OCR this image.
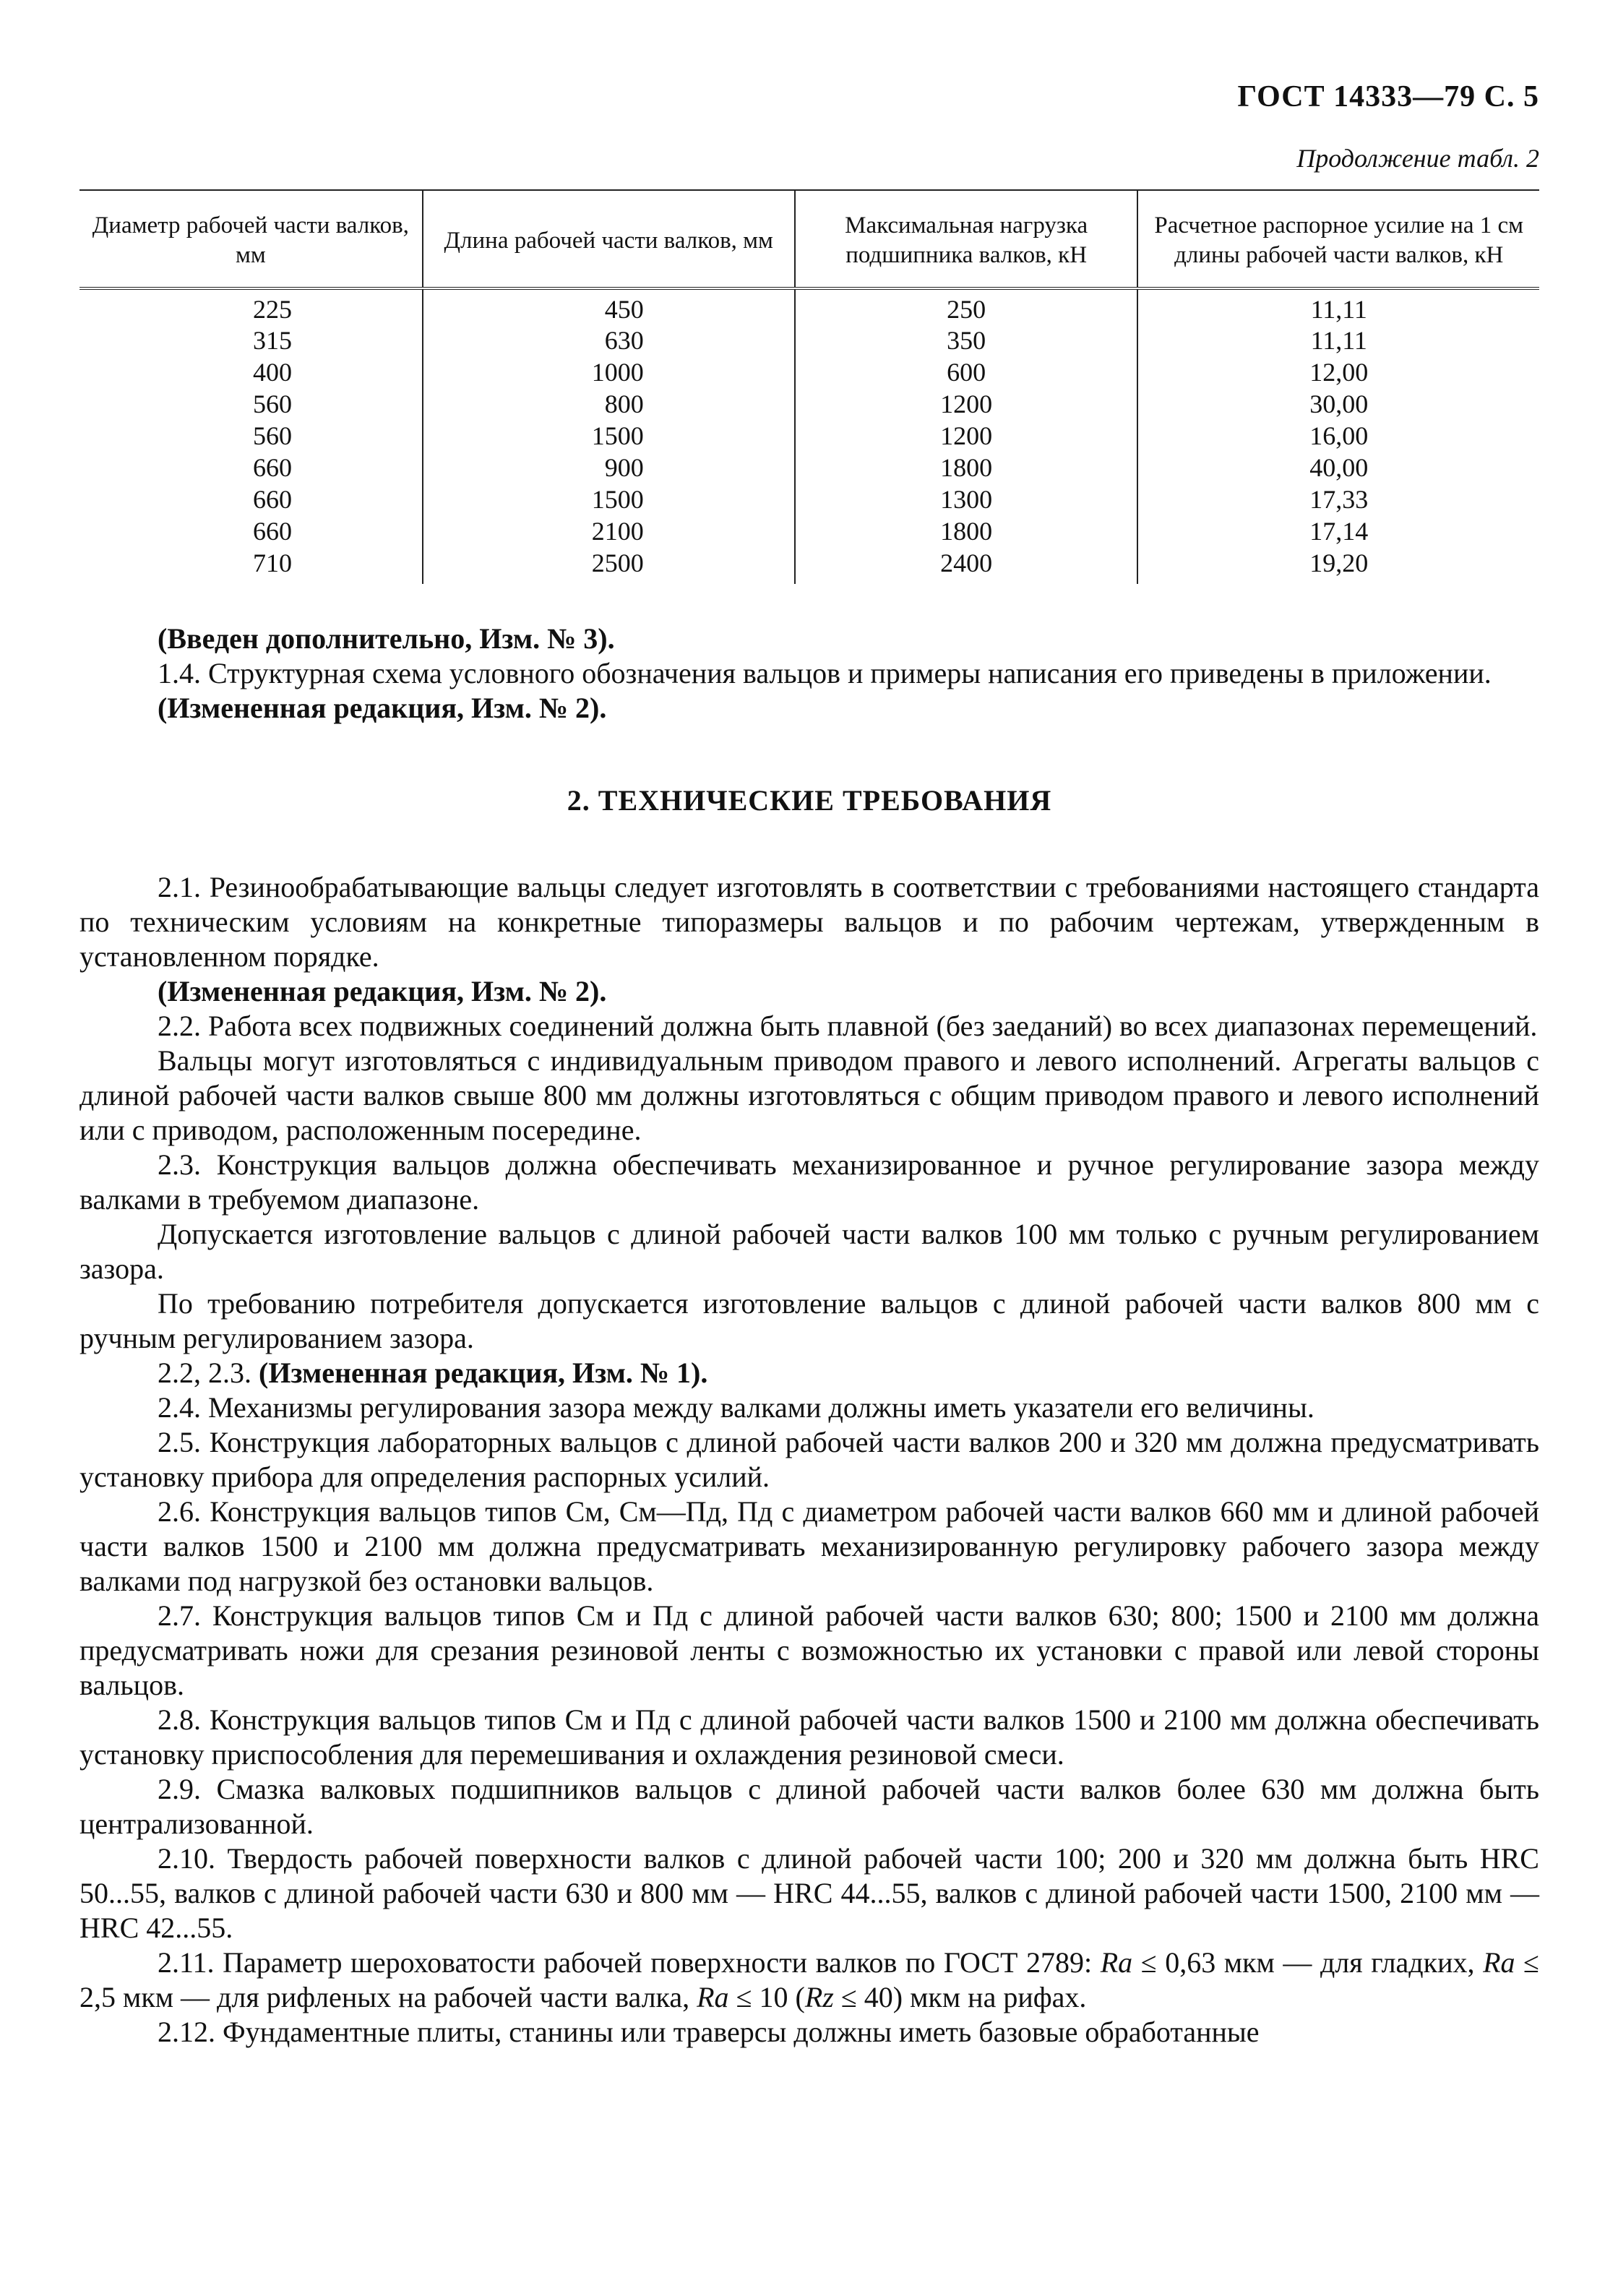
ГОСТ 14333—79 С. 5
Продолжение табл. 2
Диаметр рабочей части валков, мм	Длина рабочей части валков, мм	Максимальная нагрузка подшипника валков, кН	Расчетное распорное усилие на 1 см длины рабочей части валков, кН
225	450	250	11,11
315	630	350	11,11
400	1000	600	12,00
560	800	1200	30,00
560	1500	1200	16,00
660	900	1800	40,00
660	1500	1300	17,33
660	2100	1800	17,14
710	2500	2400	19,20

(Введен дополнительно, Изм. № 3).

1.4. Структурная схема условного обозначения вальцов и примеры написания его приведены в приложении.

(Измененная редакция, Изм. № 2).

2. ТЕХНИЧЕСКИЕ ТРЕБОВАНИЯ

2.1. Резинообрабатывающие вальцы следует изготовлять в соответствии с требованиями настоящего стандарта по техническим условиям на конкретные типоразмеры вальцов и по рабочим чертежам, утвержденным в установленном порядке.

(Измененная редакция, Изм. № 2).

2.2. Работа всех подвижных соединений должна быть плавной (без заеданий) во всех диапазонах перемещений.

Вальцы могут изготовляться с индивидуальным приводом правого и левого исполнений. Агрегаты вальцов с длиной рабочей части валков свыше 800 мм должны изготовляться с общим приводом правого и левого исполнений или с приводом, расположенным посередине.

2.3. Конструкция вальцов должна обеспечивать механизированное и ручное регулирование зазора между валками в требуемом диапазоне.

Допускается изготовление вальцов с длиной рабочей части валков 100 мм только с ручным регулированием зазора.

По требованию потребителя допускается изготовление вальцов с длиной рабочей части валков 800 мм с ручным регулированием зазора.

2.2, 2.3. (Измененная редакция, Изм. № 1).

2.4. Механизмы регулирования зазора между валками должны иметь указатели его величины.

2.5. Конструкция лабораторных вальцов с длиной рабочей части валков 200 и 320 мм должна предусматривать установку прибора для определения распорных усилий.

2.6. Конструкция вальцов типов См, См—Пд, Пд с диаметром рабочей части валков 660 мм и длиной рабочей части валков 1500 и 2100 мм должна предусматривать механизированную регулировку рабочего зазора между валками под нагрузкой без остановки вальцов.

2.7. Конструкция вальцов типов См и Пд с длиной рабочей части валков 630; 800; 1500 и 2100 мм должна предусматривать ножи для срезания резиновой ленты с возможностью их установки с правой или левой стороны вальцов.

2.8. Конструкция вальцов типов См и Пд с длиной рабочей части валков 1500 и 2100 мм должна обеспечивать установку приспособления для перемешивания и охлаждения резиновой смеси.

2.9. Смазка валковых подшипников вальцов с длиной рабочей части валков более 630 мм должна быть централизованной.

2.10. Твердость рабочей поверхности валков с длиной рабочей части 100; 200 и 320 мм должна быть HRC 50...55, валков с длиной рабочей части 630 и 800 мм — HRC 44...55, валков с длиной рабочей части 1500, 2100 мм — HRC 42...55.

2.11. Параметр шероховатости рабочей поверхности валков по ГОСТ 2789: Ra ≤ 0,63 мкм — для гладких, Ra ≤ 2,5 мкм — для рифленых на рабочей части валка, Ra ≤ 10 (Rz ≤ 40) мкм на рифах.

2.12. Фундаментные плиты, станины или траверсы должны иметь базовые обработанные
